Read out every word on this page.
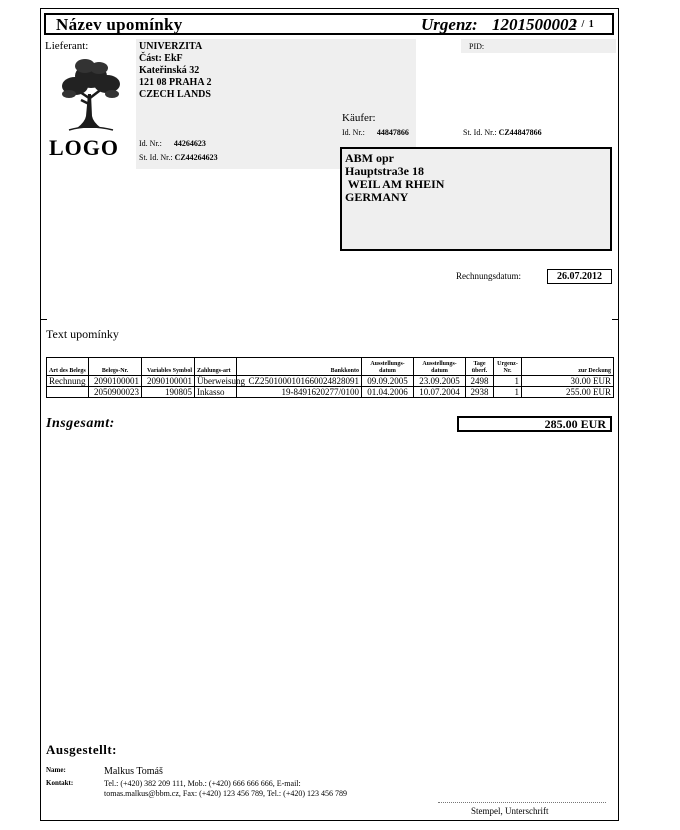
Název upomínky	Urgenz: 1201500002
1 / 1
Lieferant:	UNIVERZITA
Část: EkF
Kateřinská 32
121 08 PRAHA 2
CZECH LANDS
LOGO Id. Nr.: 44264623
St. Id. Nr.: CZ44264623
PID:
Käufer:
Id. Nr.: 44847866	St. Id. Nr.: CZ44847866
ABM opr
Hauptstra3e 18
WEIL AM RHEIN
GERMANY
Rechnungsdatum:	26.07.2012
Text upomínky
Art des Belegs	Belegs-Nr.	Variables Symbol	Zahlungs-art	Bankkonto	Ausstellungs-datum	Ausstellungs-datum	Tage überf.	Urgenz-Nr.	zur Deckung
Rechnung	2090100001	2090100001	Überweisung	CZ2501000101660024828091	09.09.2005	23.09.2005	2498	1	30.00 EUR
	2050900023	190805	Inkasso	19-8491620277/0100	01.04.2006	10.07.2004	2938	1	255.00 EUR
Insgesamt:	285.00 EUR
Ausgestellt:
Name:	Malkus Tomáš
Kontakt:	Tel.: (+420) 382 209 111, Mob.: (+420) 666 666 666, E-mail:
tomas.malkus@bbm.cz, Fax: (+420) 123 456 789, Tel.: (+420) 123 456 789
Stempel, Unterschrift
